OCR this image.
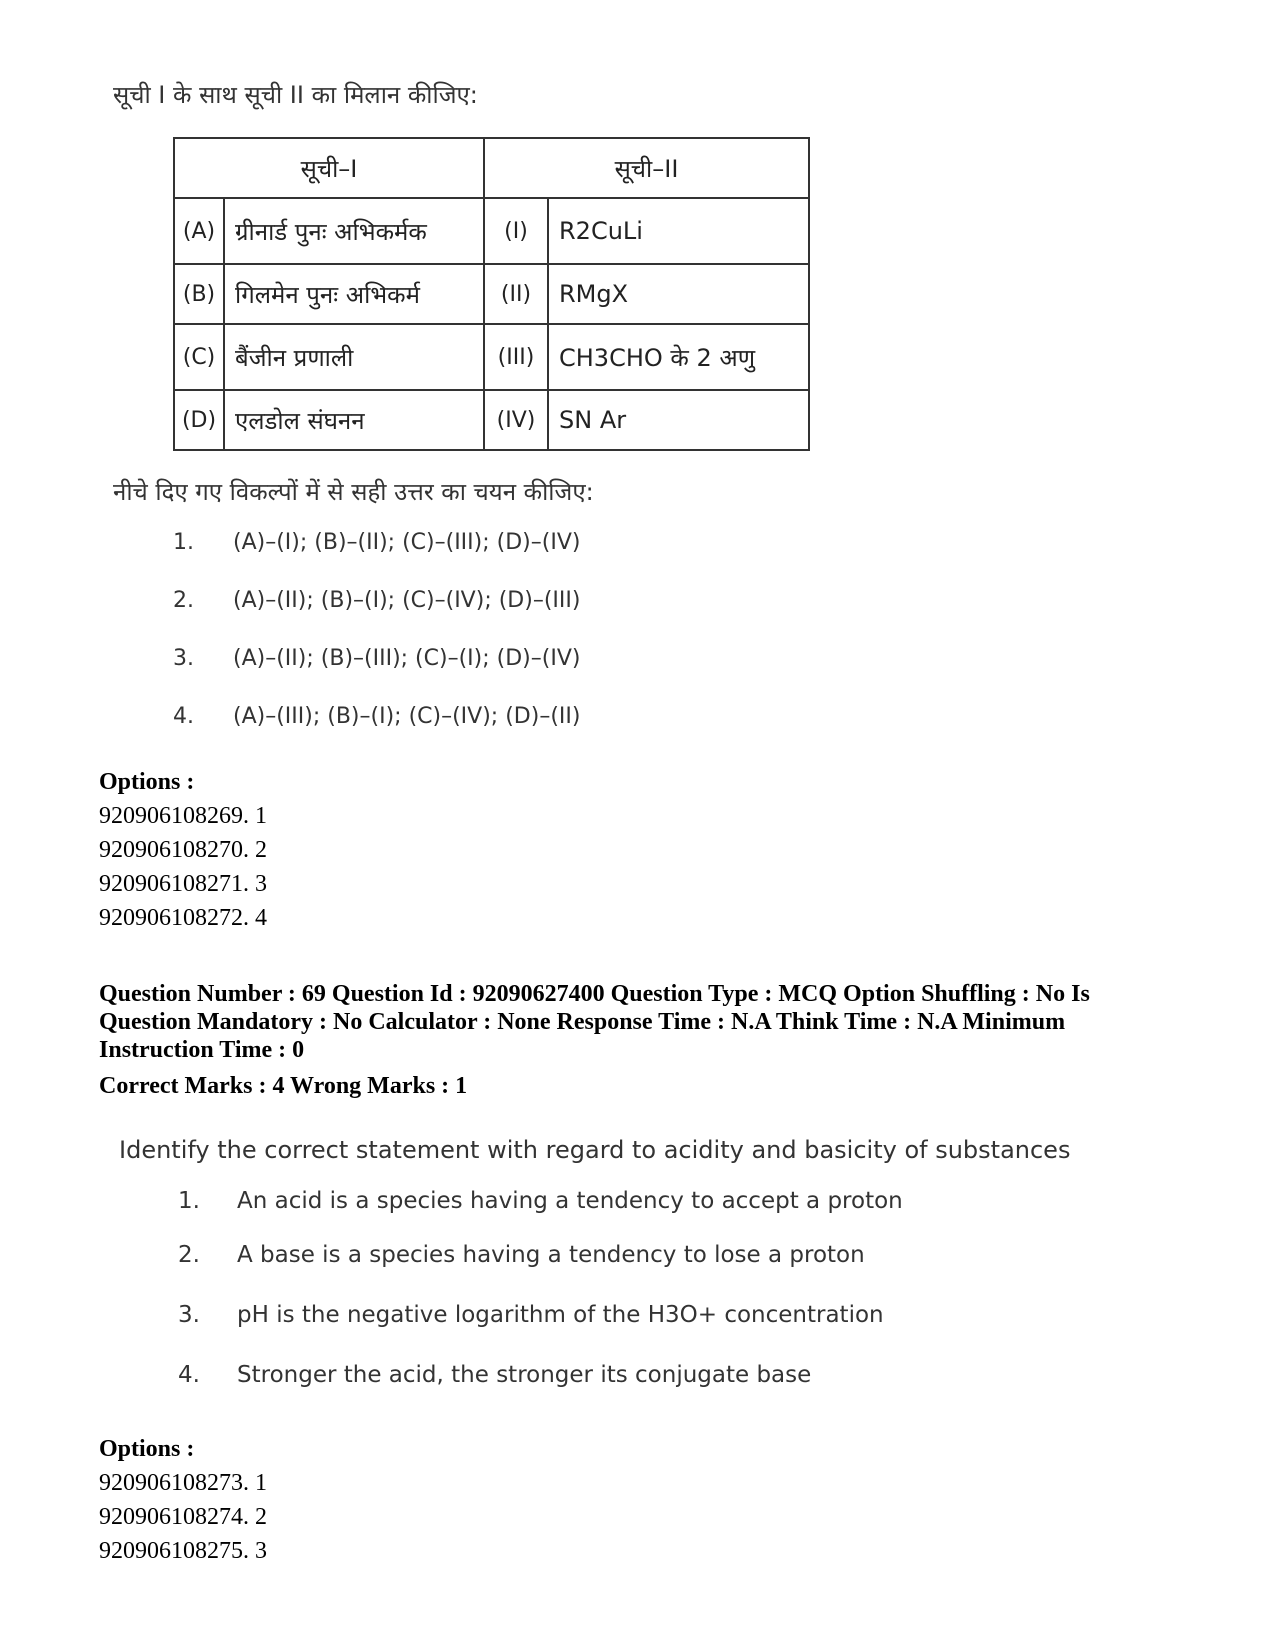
सूची I के साथ सूची II का मिलान कीजिए:
सूची–I		सूची–II	
(A)	ग्रीनार्ड पुनः अभिकर्मक	(I)	R2CuLi
(B)	गिलमेन पुनः अभिकर्म	(II)	RMgX
(C)	बैंजीन प्रणाली	(III)	CH3CHO के 2 अणु
(D)	एलडोल संघनन	(IV)	SN Ar
नीचे दिए गए विकल्पों में से सही उत्तर का चयन कीजिए:
1.	(A)–(I); (B)–(II); (C)–(III); (D)–(IV)
2.	(A)–(II); (B)–(I); (C)–(IV); (D)–(III)
3.	(A)–(II); (B)–(III); (C)–(I); (D)–(IV)
4.	(A)–(III); (B)–(I); (C)–(IV); (D)–(II)
Options :
920906108269. 1
920906108270. 2
920906108271. 3
920906108272. 4
Question Number : 69 Question Id : 92090627400 Question Type : MCQ Option Shuffling : No Is Question Mandatory : No Calculator : None Response Time : N.A Think Time : N.A Minimum Instruction Time : 0
Correct Marks : 4 Wrong Marks : 1
Identify the correct statement with regard to acidity and basicity of substances
1. An acid is a species having a tendency to accept a proton
2. A base is a species having a tendency to lose a proton
3. pH is the negative logarithm of the H3O+ concentration
4. Stronger the acid, the stronger its conjugate base
Options :
920906108273. 1
920906108274. 2
920906108275. 3
